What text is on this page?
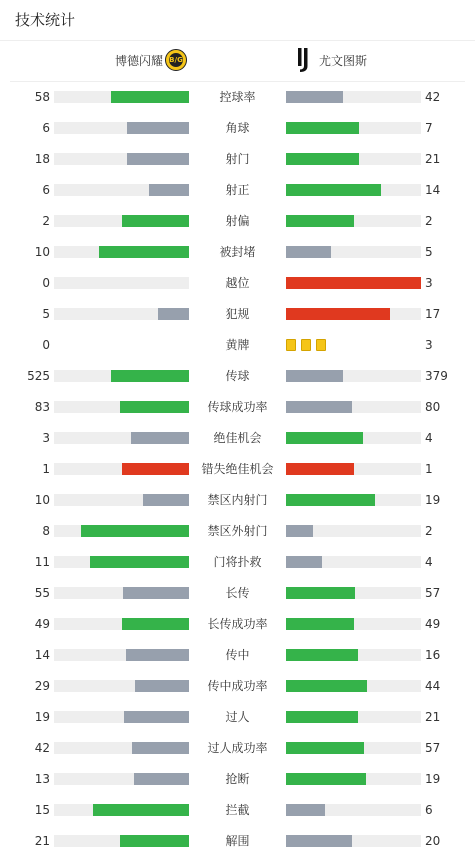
技术统计
博德闪耀 B/G	尤文图斯
58	控球率	42
6	角球	7
18	射门	21
6	射正	14
2	射偏	2
10	被封堵	5
0	越位	3
5	犯规	17
0	黄牌	3
525	传球	379
83	传球成功率	80
3	绝佳机会	4
1	错失绝佳机会	1
10	禁区内射门	19
8	禁区外射门	2
11	门将扑救	4
55	长传	57
49	长传成功率	49
14	传中	16
29	传中成功率	44
19	过人	21
42	过人成功率	57
13	抢断	19
15	拦截	6
21	解围	20
